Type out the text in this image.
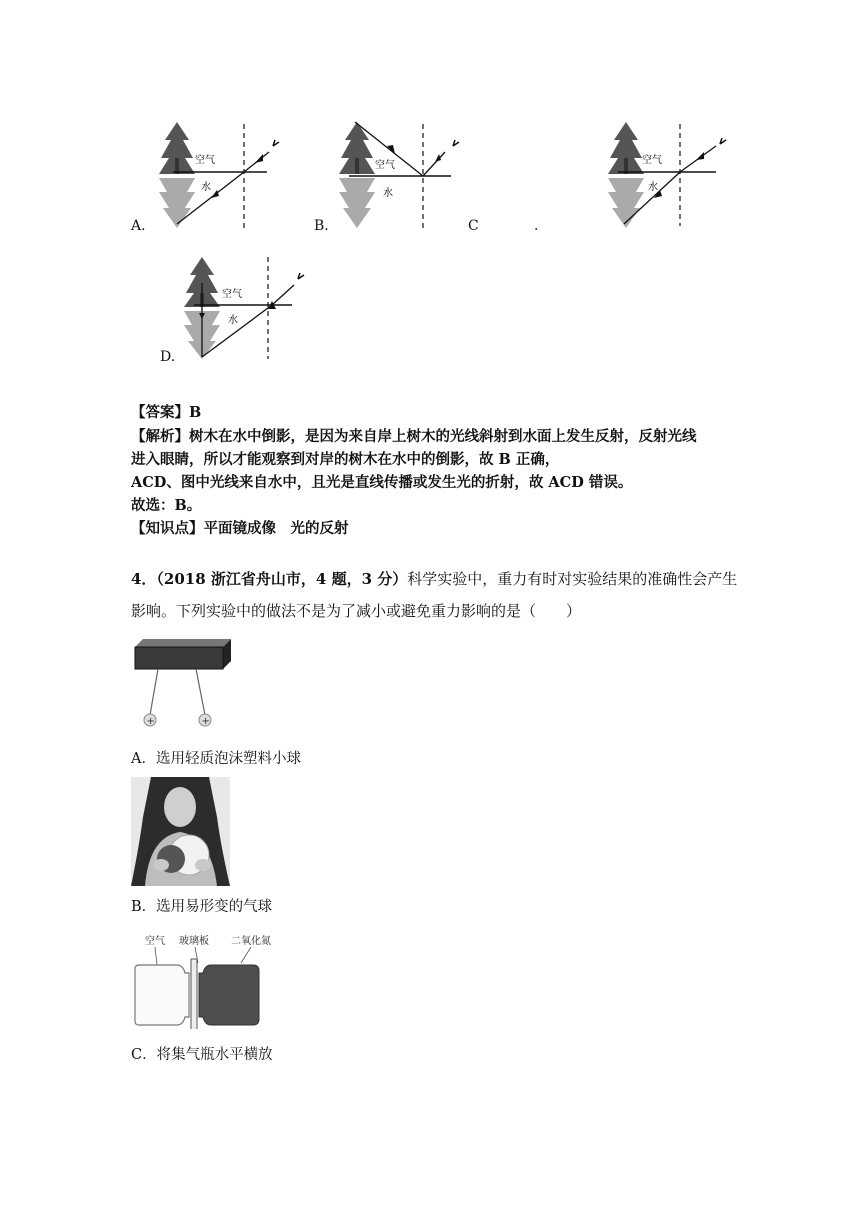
空气
水
A.
空气
水
B.	C	.
空气
水
空气
水
D.
【答案】B
【解析】树木在水中倒影，是因为来自岸上树木的光线斜射到水面上发生反射，反射光线
进入眼睛，所以才能观察到对岸的树木在水中的倒影，故 B 正确，
ACD、图中光线来自水中，且光是直线传播或发生光的折射，故 ACD 错误。
故选：B。
【知识点】平面镜成像　光的反射
4．（2018 浙江省舟山市，4 题，3 分）科学实验中，重力有时对实验结果的准确性会产生
影响。下列实验中的做法不是为了减小或避免重力影响的是（　　）
+	+
A．选用轻质泡沫塑料小球
B．选用易形变的气球
空气 玻璃板 二氧化氮
C．将集气瓶水平横放
